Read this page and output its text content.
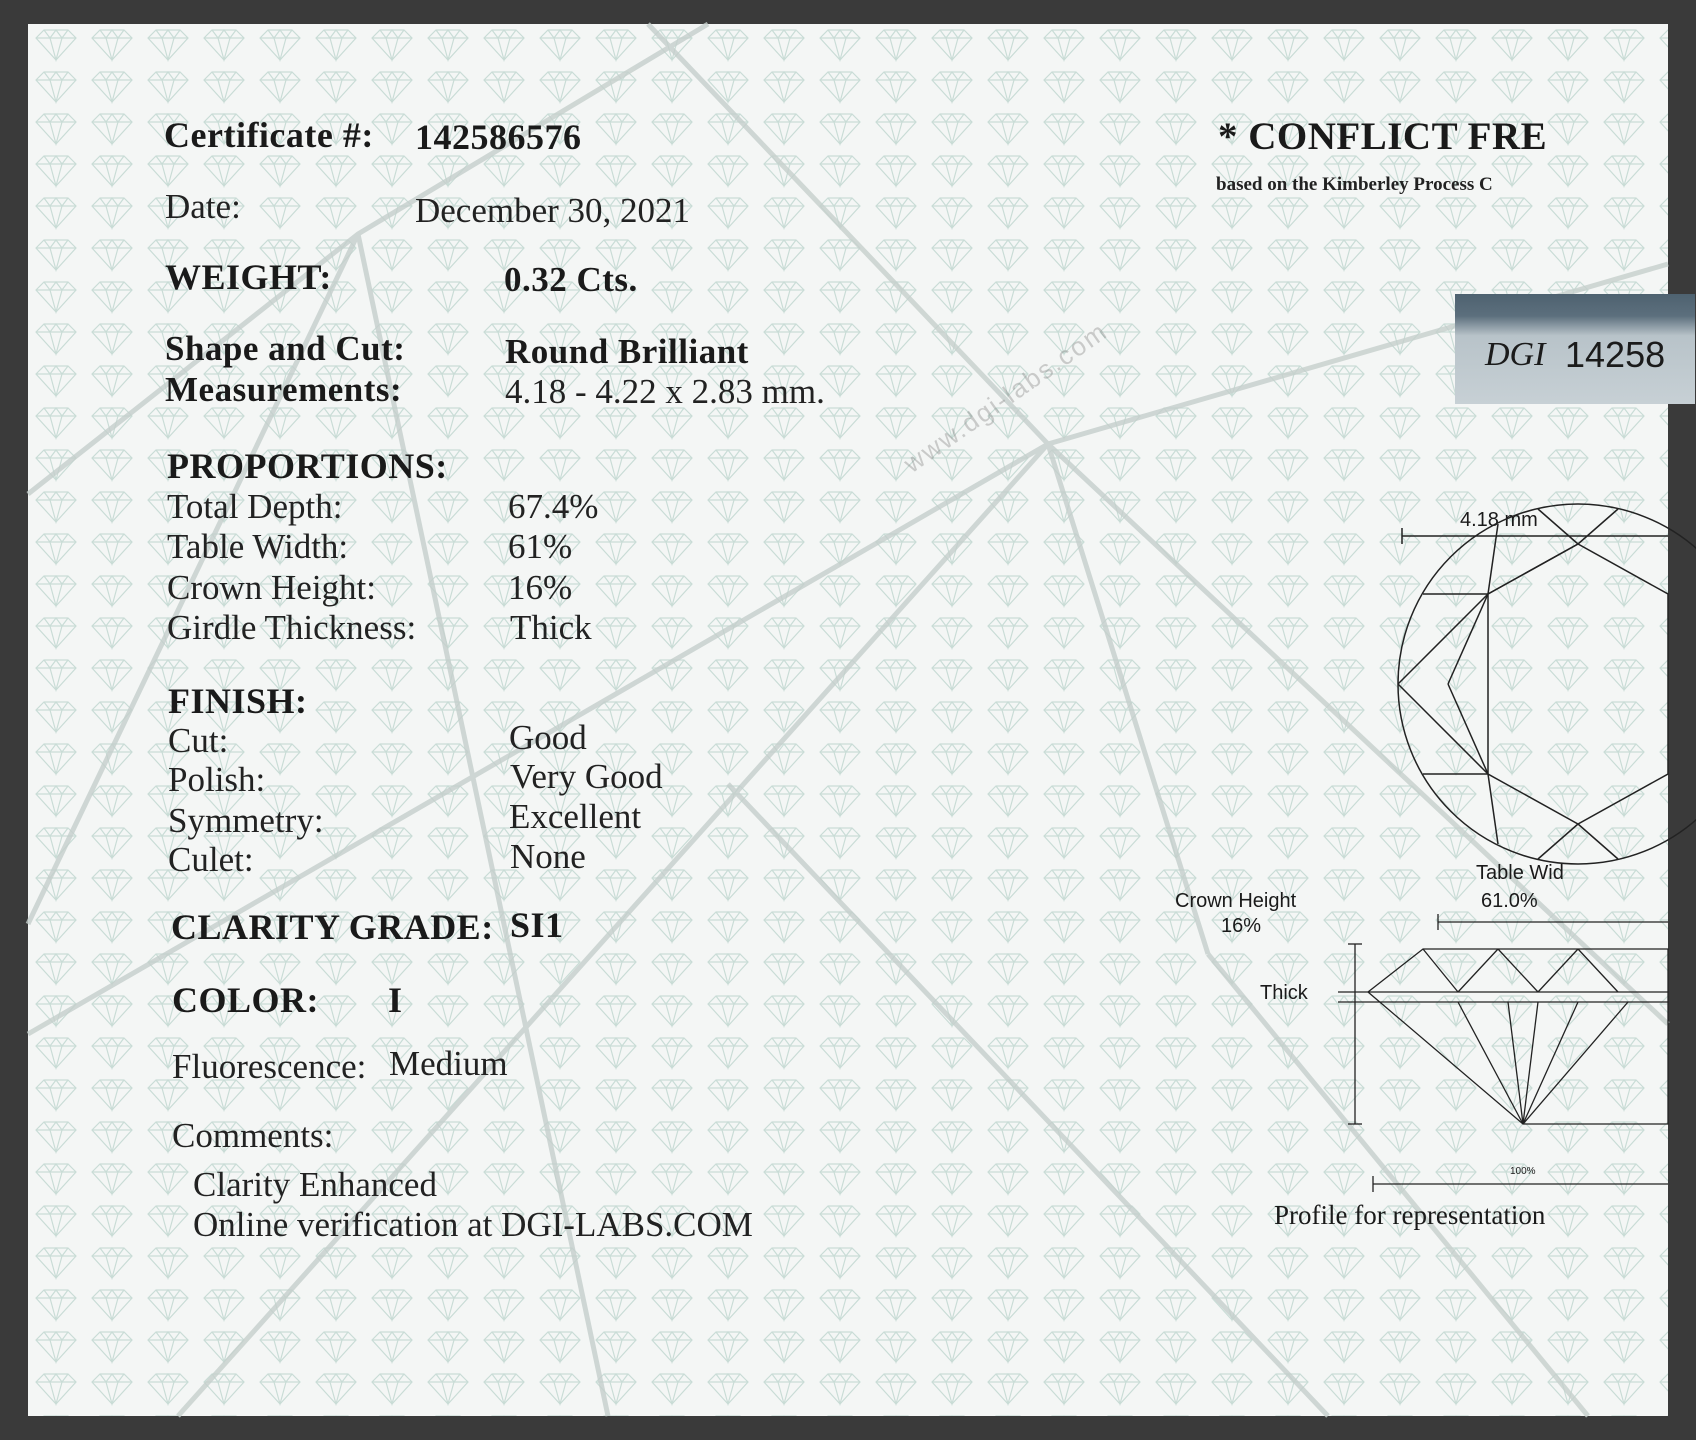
www.dgi-labs.com
Certificate #: 142586576
Date:	December 30, 2021
WEIGHT:	0.32 Cts.
Shape and Cut:	Round Brilliant
Measurements:	4.18 - 4.22 x 2.83 mm.
PROPORTIONS:
Total Depth:	67.4%
Table Width:	61%
Crown Height:	16%
Girdle Thickness:	Thick
FINISH:
Cut:	Good
Polish:	Very Good
Symmetry:	Excellent
Culet:	None
CLARITY GRADE: SI1
COLOR: I
Fluorescence: Medium
Comments:
Clarity Enhanced
Online verification at DGI-LABS.COM
* CONFLICT FRE
based on the Kimberley Process C
DGI 14258
4.18 mm
Table Wid
61.0%
Crown Height
16%
Thick
100%
Profile for representation
